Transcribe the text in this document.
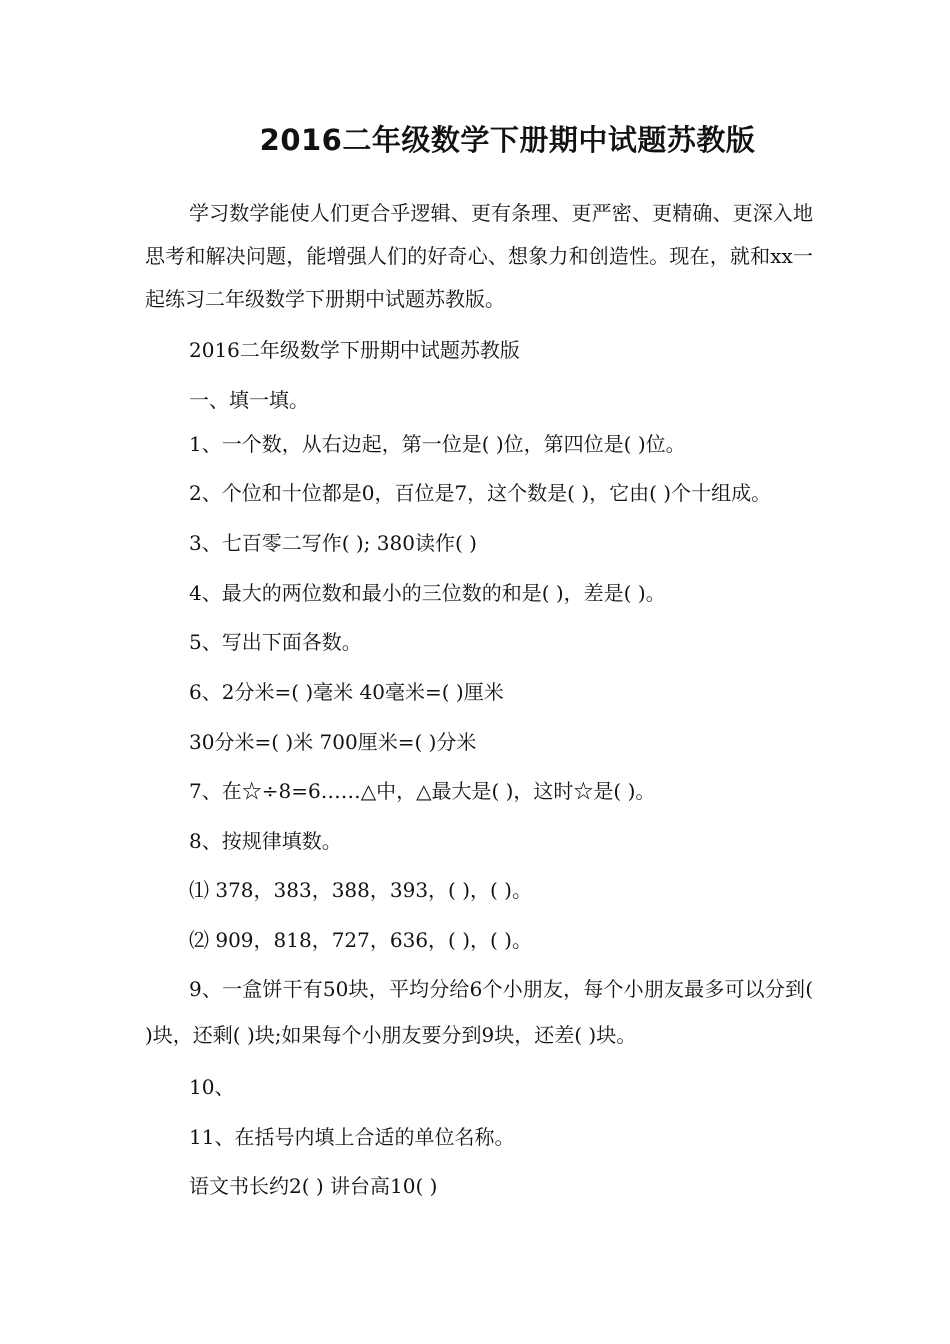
2016二年级数学下册期中试题苏教版

学习数学能使人们更合乎逻辑、更有条理、更严密、更精确、更深入地思考和解决问题，能增强人们的好奇心、想象力和创造性。现在，就和xx一起练习二年级数学下册期中试题苏教版。

2016二年级数学下册期中试题苏教版

一、填一填。

1、一个数，从右边起，第一位是( )位，第四位是( )位。

2、个位和十位都是0，百位是7，这个数是( )，它由( )个十组成。

3、七百零二写作( ); 380读作( )

4、最大的两位数和最小的三位数的和是( )，差是( )。

5、写出下面各数。

6、2分米=( )毫米 40毫米=( )厘米

30分米=( )米 700厘米=( )分米

7、在☆÷8=6……△中，△最大是( )，这时☆是( )。

8、按规律填数。

⑴ 378，383，388，393，( )，( )。

⑵ 909，818，727，636，( )，( )。

9、一盒饼干有50块，平均分给6个小朋友，每个小朋友最多可以分到( )块，还剩( )块;如果每个小朋友要分到9块，还差( )块。

10、

11、在括号内填上合适的单位名称。

语文书长约2( ) 讲台高10( )
